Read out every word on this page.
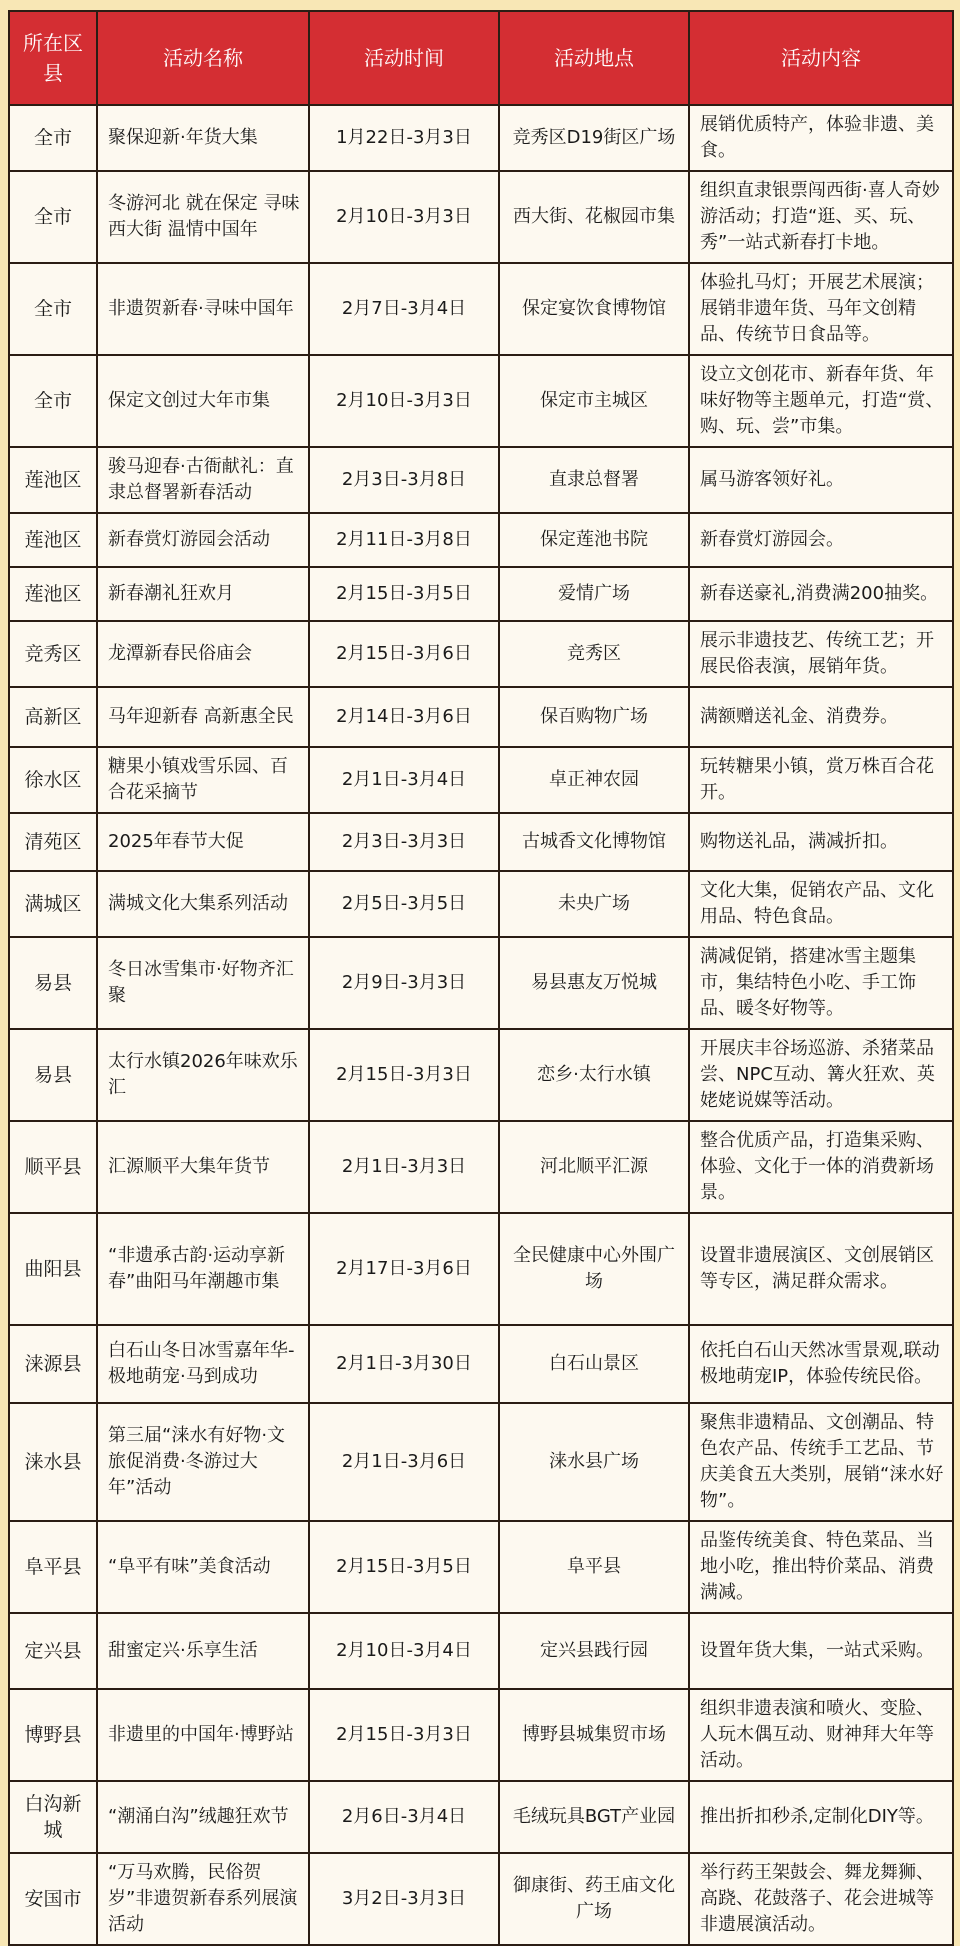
所在区县	活动名称	活动时间	活动地点	活动内容
全市	聚保迎新·年货大集	1月22日-3月3日	竞秀区D19街区广场	展销优质特产，体验非遗、美食。
全市	冬游河北 就在保定 寻味西大街 温情中国年	2月10日-3月3日	西大街、花椒园市集	组织直隶银票闯西街·喜人奇妙游活动；打造“逛、买、玩、秀”一站式新春打卡地。
全市	非遗贺新春·寻味中国年	2月7日-3月4日	保定宴饮食博物馆	体验扎马灯；开展艺术展演；展销非遗年货、马年文创精品、传统节日食品等。
全市	保定文创过大年市集	2月10日-3月3日	保定市主城区	设立文创花市、新春年货、年味好物等主题单元，打造“赏、购、玩、尝”市集。
莲池区	骏马迎春·古衙献礼：直隶总督署新春活动	2月3日-3月8日	直隶总督署	属马游客领好礼。
莲池区	新春赏灯游园会活动	2月11日-3月8日	保定莲池书院	新春赏灯游园会。
莲池区	新春潮礼狂欢月	2月15日-3月5日	爱情广场	新春送豪礼,消费满200抽奖。
竞秀区	龙潭新春民俗庙会	2月15日-3月6日	竞秀区	展示非遗技艺、传统工艺；开展民俗表演，展销年货。
高新区	马年迎新春 高新惠全民	2月14日-3月6日	保百购物广场	满额赠送礼金、消费券。
徐水区	糖果小镇戏雪乐园、百合花采摘节	2月1日-3月4日	卓正神农园	玩转糖果小镇，赏万株百合花开。
清苑区	2025年春节大促	2月3日-3月3日	古城香文化博物馆	购物送礼品，满减折扣。
满城区	满城文化大集系列活动	2月5日-3月5日	未央广场	文化大集，促销农产品、文化用品、特色食品。
易县	冬日冰雪集市·好物齐汇聚	2月9日-3月3日	易县惠友万悦城	满减促销，搭建冰雪主题集市，集结特色小吃、手工饰品、暖冬好物等。
易县	太行水镇2026年味欢乐汇	2月15日-3月3日	恋乡·太行水镇	开展庆丰谷场巡游、杀猪菜品尝、NPC互动、篝火狂欢、英姥姥说媒等活动。
顺平县	汇源顺平大集年货节	2月1日-3月3日	河北顺平汇源	整合优质产品，打造集采购、体验、文化于一体的消费新场景。
曲阳县	“非遗承古韵·运动享新春”曲阳马年潮趣市集	2月17日-3月6日	全民健康中心外围广场	设置非遗展演区、文创展销区等专区，满足群众需求。
涞源县	白石山冬日冰雪嘉年华-极地萌宠·马到成功	2月1日-3月30日	白石山景区	依托白石山天然冰雪景观,联动极地萌宠IP，体验传统民俗。
涞水县	第三届“涞水有好物·文旅促消费·冬游过大年”活动	2月1日-3月6日	涞水县广场	聚焦非遗精品、文创潮品、特色农产品、传统手工艺品、节庆美食五大类别，展销“涞水好物”。
阜平县	“阜平有味”美食活动	2月15日-3月5日	阜平县	品鉴传统美食、特色菜品、当地小吃，推出特价菜品、消费满减。
定兴县	甜蜜定兴·乐享生活	2月10日-3月4日	定兴县践行园	设置年货大集，一站式采购。
博野县	非遗里的中国年·博野站	2月15日-3月3日	博野县城集贸市场	组织非遗表演和喷火、变脸、人玩木偶互动、财神拜大年等活动。
白沟新城	“潮涌白沟”绒趣狂欢节	2月6日-3月4日	毛绒玩具BGT产业园	推出折扣秒杀,定制化DIY等。
安国市	“万马欢腾，民俗贺岁”非遗贺新春系列展演活动	3月2日-3月3日	御康街、药王庙文化广场	举行药王架鼓会、舞龙舞狮、高跷、花鼓落子、花会进城等非遗展演活动。
